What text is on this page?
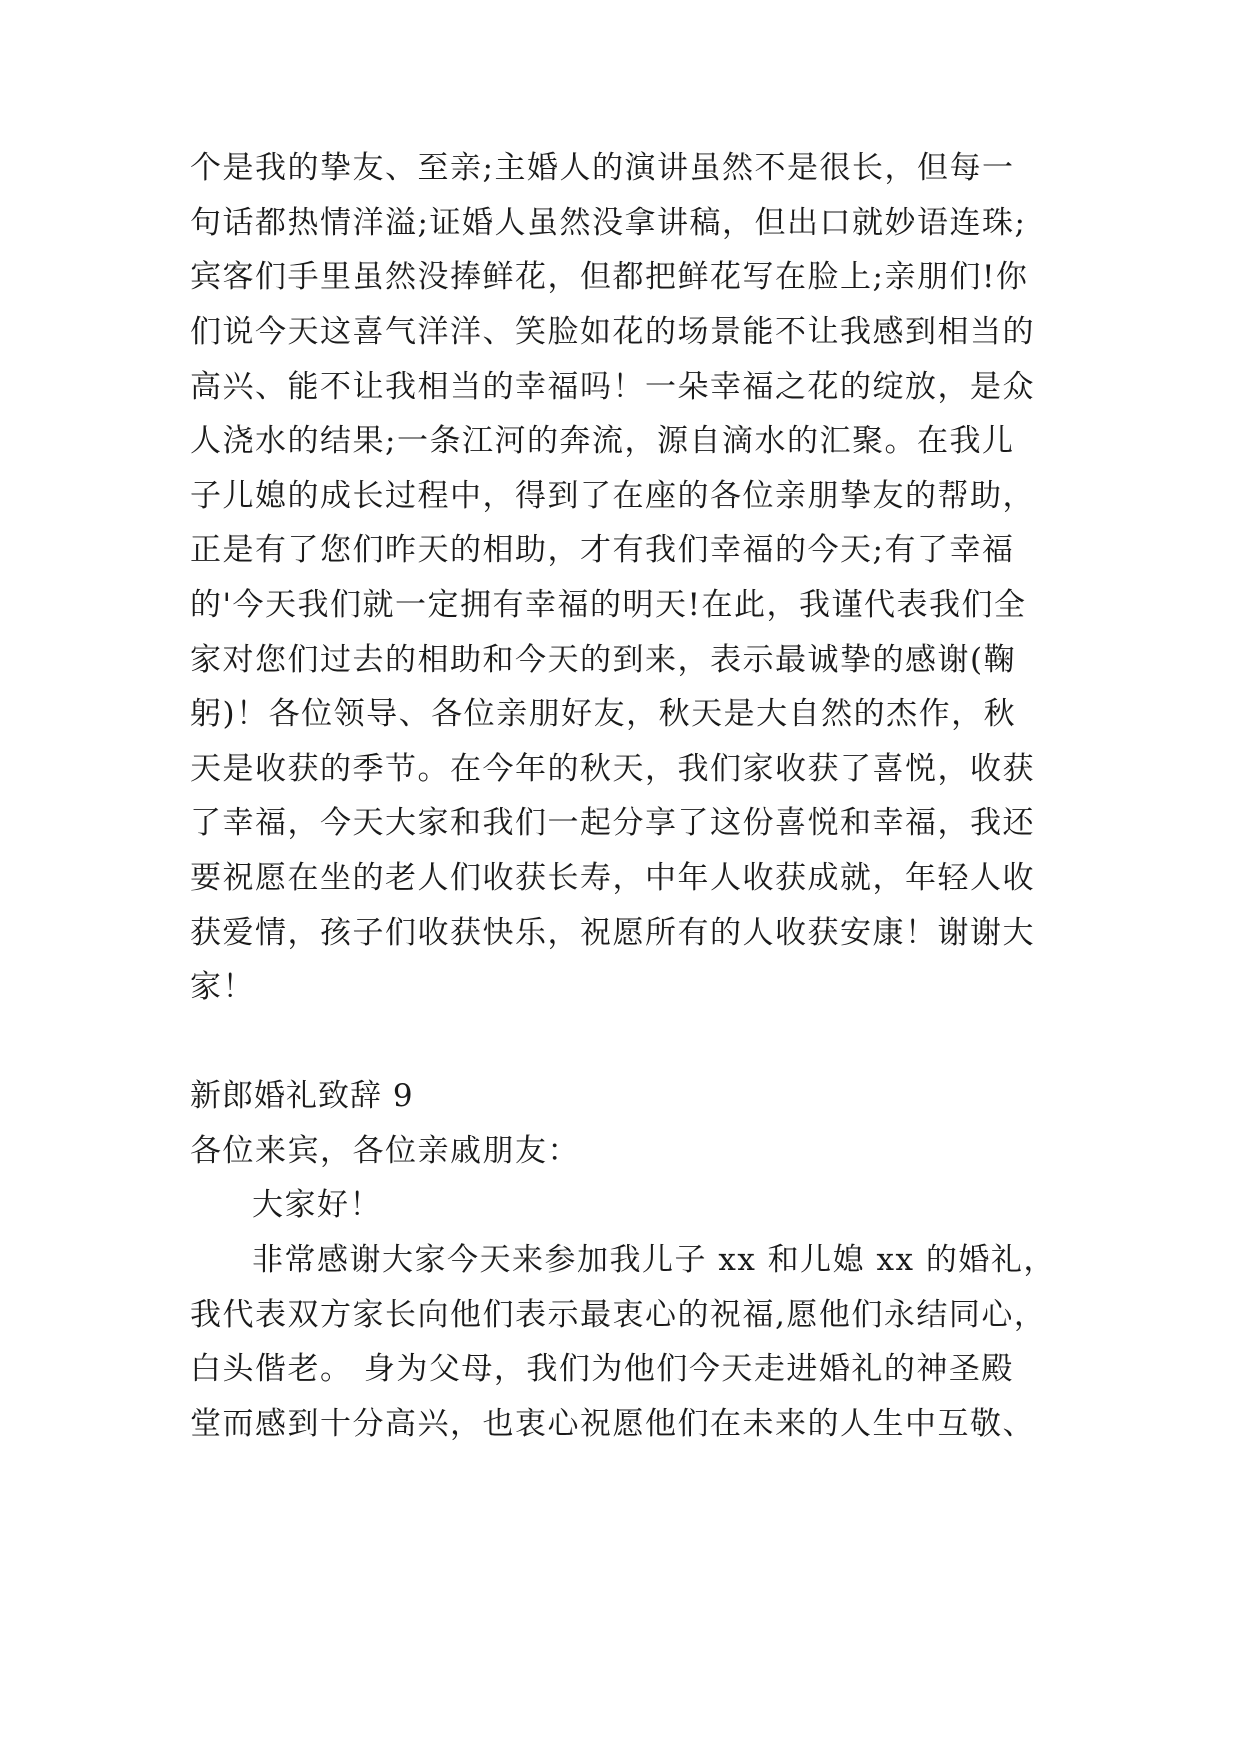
个是我的挚友、至亲;主婚人的演讲虽然不是很长，但每一
句话都热情洋溢;证婚人虽然没拿讲稿，但出口就妙语连珠;
宾客们手里虽然没捧鲜花，但都把鲜花写在脸上;亲朋们!你
们说今天这喜气洋洋、笑脸如花的场景能不让我感到相当的
高兴、能不让我相当的幸福吗！一朵幸福之花的绽放，是众
人浇水的结果;一条江河的奔流，源自滴水的汇聚。在我儿
子儿媳的成长过程中，得到了在座的各位亲朋挚友的帮助，
正是有了您们昨天的相助，才有我们幸福的今天;有了幸福
的'今天我们就一定拥有幸福的明天!在此，我谨代表我们全
家对您们过去的相助和今天的到来，表示最诚挚的感谢(鞠
躬)！各位领导、各位亲朋好友，秋天是大自然的杰作，秋
天是收获的季节。在今年的秋天，我们家收获了喜悦，收获
了幸福，今天大家和我们一起分享了这份喜悦和幸福，我还
要祝愿在坐的老人们收获长寿，中年人收获成就，年轻人收
获爱情，孩子们收获快乐，祝愿所有的人收获安康！谢谢大
家！
新郎婚礼致辞 9
各位来宾，各位亲戚朋友：
大家好！
非常感谢大家今天来参加我儿子 xx 和儿媳 xx 的婚礼，
我代表双方家长向他们表示最衷心的祝福,愿他们永结同心，
白头偕老。 身为父母，我们为他们今天走进婚礼的神圣殿
堂而感到十分高兴，也衷心祝愿他们在未来的人生中互敬、
